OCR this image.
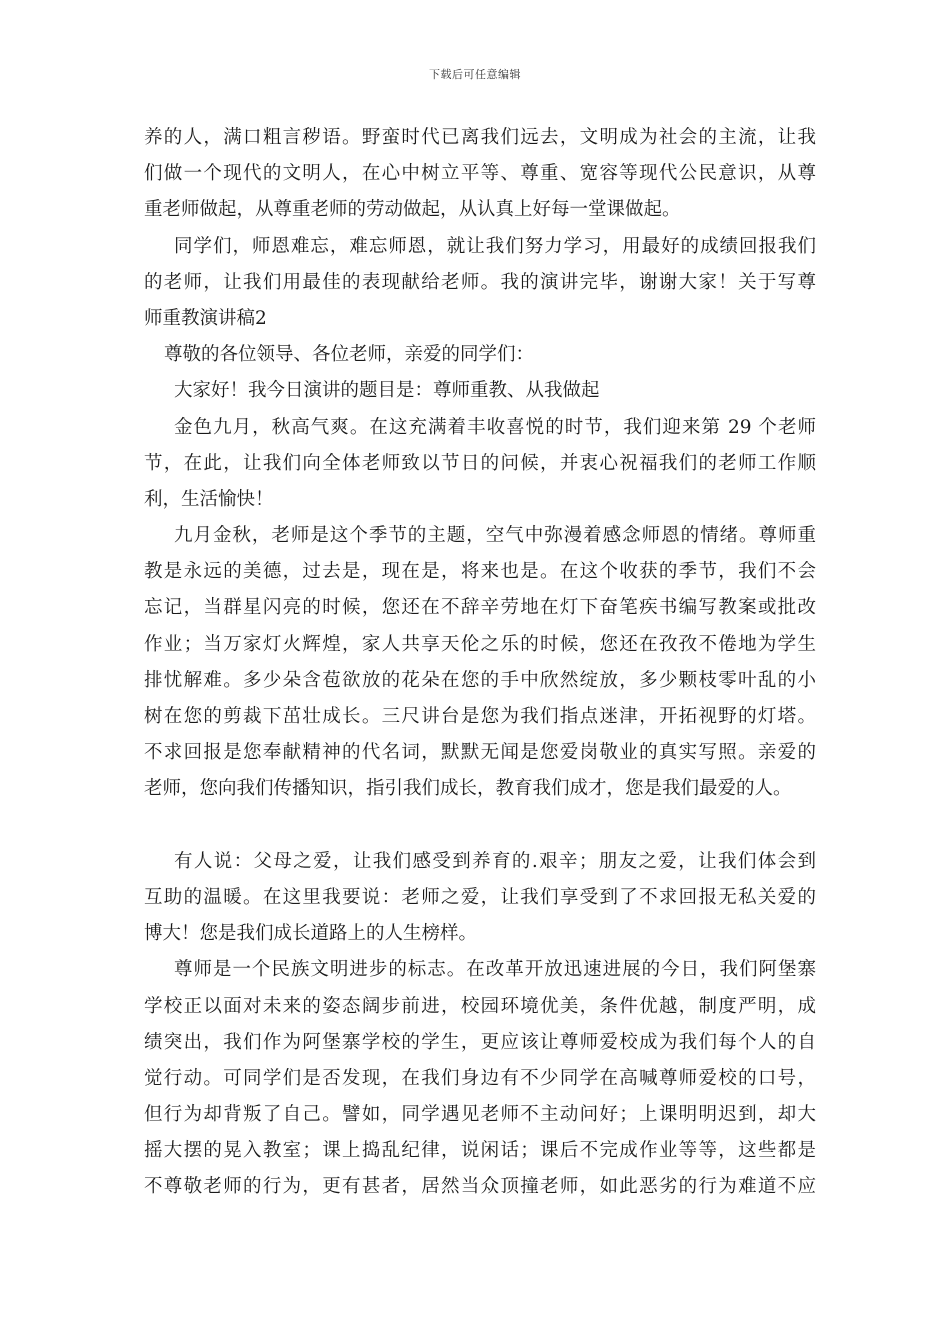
下载后可任意编辑
养的人，满口粗言秽语。野蛮时代已离我们远去，文明成为社会的主流，让我
们做一个现代的文明人，在心中树立平等、尊重、宽容等现代公民意识，从尊
重老师做起，从尊重老师的劳动做起，从认真上好每一堂课做起。
同学们，师恩难忘，难忘师恩，就让我们努力学习，用最好的成绩回报我们
的老师，让我们用最佳的表现献给老师。我的演讲完毕，谢谢大家！关于写尊
师重教演讲稿2
尊敬的各位领导、各位老师，亲爱的同学们：
大家好！我今日演讲的题目是：尊师重教、从我做起
金色九月，秋高气爽。在这充满着丰收喜悦的时节，我们迎来第 29 个老师
节，在此，让我们向全体老师致以节日的问候，并衷心祝福我们的老师工作顺
利，生活愉快！
九月金秋，老师是这个季节的主题，空气中弥漫着感念师恩的情绪。尊师重
教是永远的美德，过去是，现在是，将来也是。在这个收获的季节，我们不会
忘记，当群星闪亮的时候，您还在不辞辛劳地在灯下奋笔疾书编写教案或批改
作业；当万家灯火辉煌，家人共享天伦之乐的时候，您还在孜孜不倦地为学生
排忧解难。多少朵含苞欲放的花朵在您的手中欣然绽放，多少颗枝零叶乱的小
树在您的剪裁下茁壮成长。三尺讲台是您为我们指点迷津，开拓视野的灯塔。
不求回报是您奉献精神的代名词，默默无闻是您爱岗敬业的真实写照。亲爱的
老师，您向我们传播知识，指引我们成长，教育我们成才，您是我们最爱的人。
有人说：父母之爱，让我们感受到养育的.艰辛；朋友之爱，让我们体会到
互助的温暖。在这里我要说：老师之爱，让我们享受到了不求回报无私关爱的
博大！您是我们成长道路上的人生榜样。
尊师是一个民族文明进步的标志。在改革开放迅速进展的今日，我们阿堡寨
学校正以面对未来的姿态阔步前进，校园环境优美，条件优越，制度严明，成
绩突出，我们作为阿堡寨学校的学生，更应该让尊师爱校成为我们每个人的自
觉行动。可同学们是否发现，在我们身边有不少同学在高喊尊师爱校的口号，
但行为却背叛了自己。譬如，同学遇见老师不主动问好；上课明明迟到，却大
摇大摆的晃入教室；课上捣乱纪律，说闲话；课后不完成作业等等，这些都是
不尊敬老师的行为，更有甚者，居然当众顶撞老师，如此恶劣的行为难道不应
